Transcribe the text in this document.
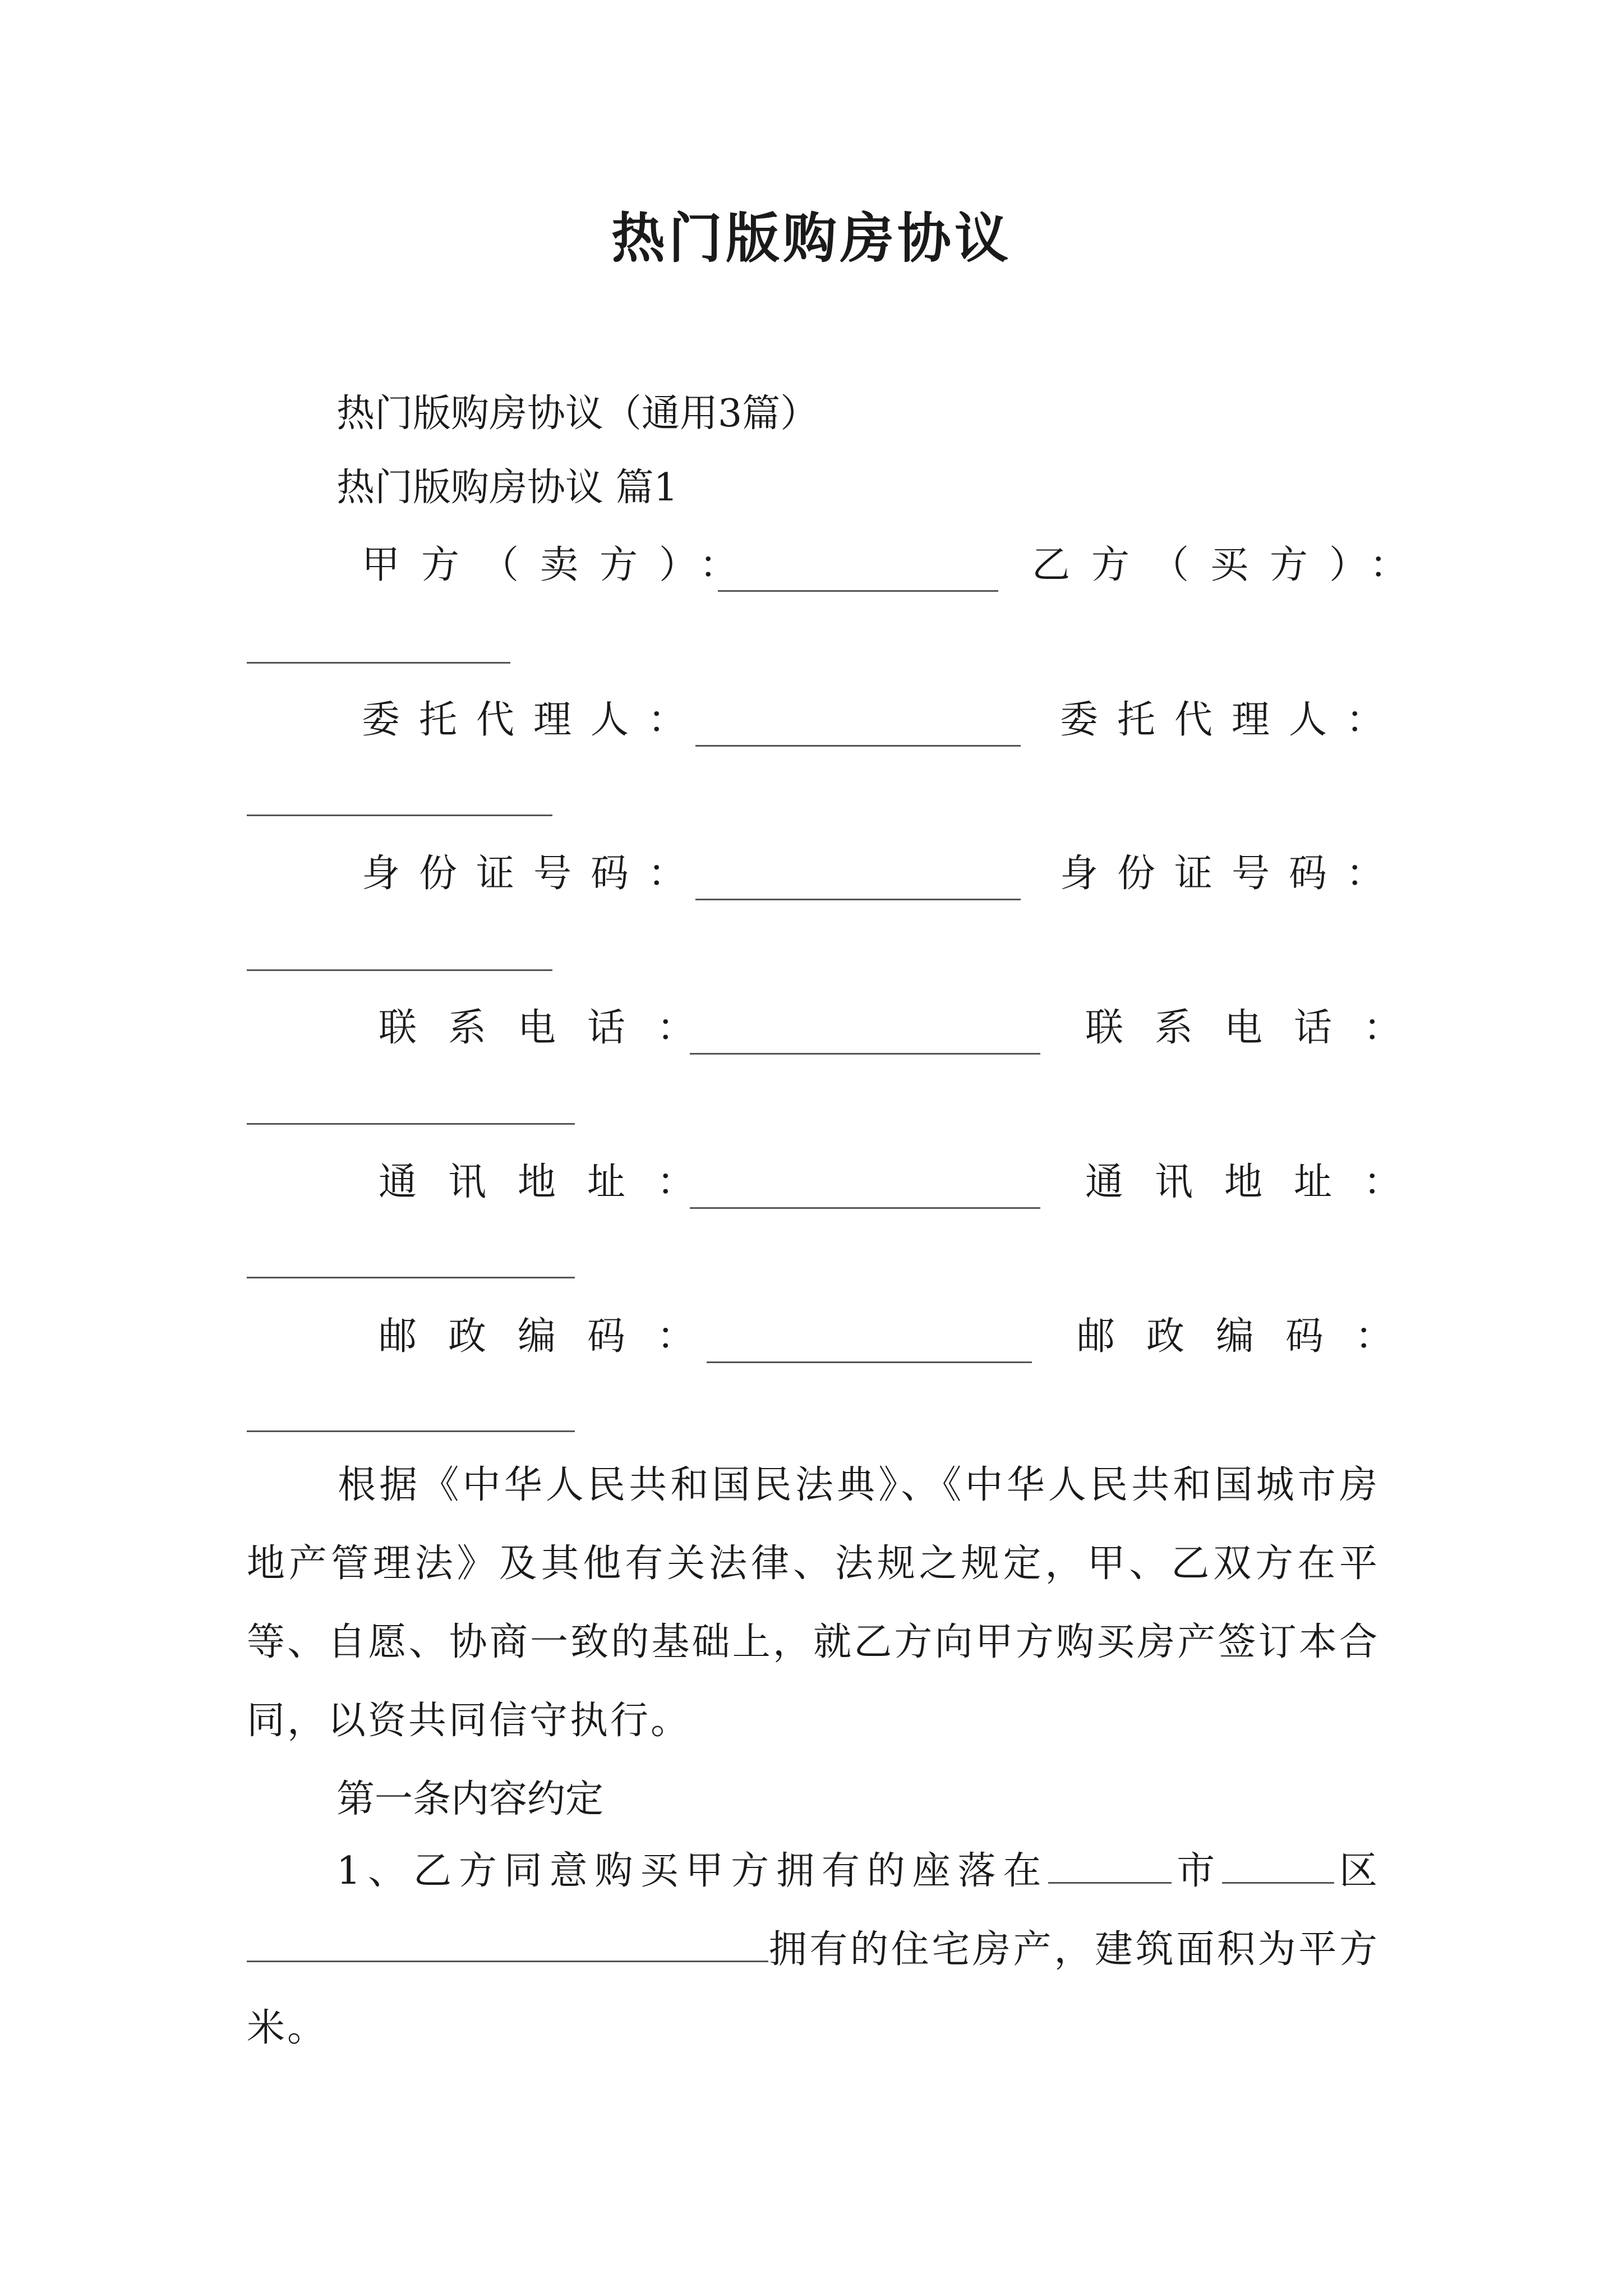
热门版购房协议
热门版购房协议（通用3篇）
热门版购房协议 篇1
甲方（卖方）：	乙方（买方）：
委托代理人：	委托代理人：
身份证号码：	身份证号码：
联系电话：	联系电话：
通讯地址：	通讯地址：
邮政编码：	邮政编码：
根据《中华人民共和国民法典》、《中华人民共和国城市房地产管理法》及其他有关法律、法规之规定，甲、乙双方在平等、自愿、协商一致的基础上，就乙方向甲方购买房产签订本合同，以资共同信守执行。
第一条内容约定
1、乙方同意购买甲方拥有的座落在	市	区拥有的住宅房产，建筑面积为平方米。
